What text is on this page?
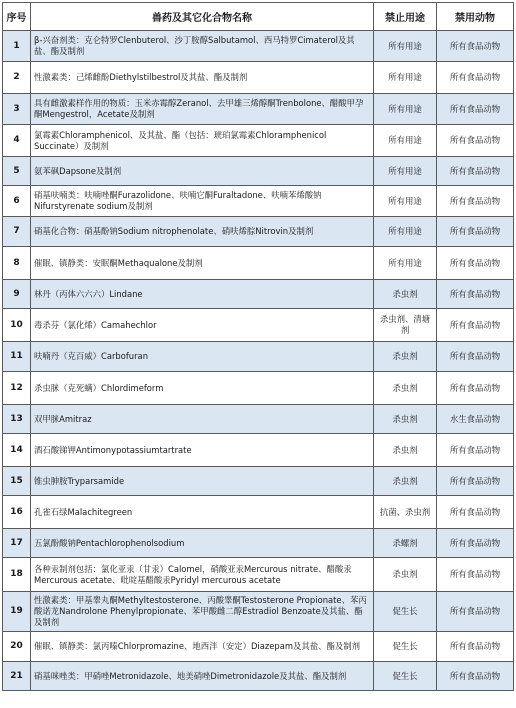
序号	兽药及其它化合物名称	禁止用途	禁用动物
1	β-兴奋剂类：克仑特罗Clenbuterol、沙丁胺醇Salbutamol、西马特罗Cimaterol及其盐、酯及制剂	所有用途	所有食品动物
2	性激素类：己烯雌酚Diethylstilbestrol及其盐、酯及制剂	所有用途	所有食品动物
3	具有雌激素样作用的物质：玉米赤霉醇Zeranol、去甲雄三烯醇酮Trenbolone、醋酸甲孕酮Mengestrol，Acetate及制剂	所有用途	所有食品动物
4	氯霉素Chloramphenicol、及其盐、酯（包括：琥珀氯霉素Chloramphenicol Succinate）及制剂	所有用途	所有食品动物
5	氨苯砜Dapsone及制剂	所有用途	所有食品动物
6	硝基呋喃类：呋喃唑酮Furazolidone、呋喃它酮Furaltadone、呋喃苯烯酸钠Nifurstyrenate sodium及制剂	所有用途	所有食品动物
7	硝基化合物：硝基酚钠Sodium nitrophenolate、硝呋烯腙Nitrovin及制剂	所有用途	所有食品动物
8	催眠、镇静类：安眠酮Methaqualone及制剂	所有用途	所有食品动物
9	林丹（丙体六六六）Lindane	杀虫剂	所有食品动物
10	毒杀芬（氯化烯）Camahechlor	杀虫剂、清塘剂	所有食品动物
11	呋喃丹（克百威）Carbofuran	杀虫剂	所有食品动物
12	杀虫脒（克死螨）Chlordimeform	杀虫剂	所有食品动物
13	双甲脒Amitraz	杀虫剂	水生食品动物
14	酒石酸锑钾Antimonypotassiumtartrate	杀虫剂	所有食品动物
15	锥虫胂胺Tryparsamide	杀虫剂	所有食品动物
16	孔雀石绿Malachitegreen	抗菌、杀虫剂	所有食品动物
17	五氯酚酸钠Pentachlorophenolsodium	杀螺剂	所有食品动物
18	各种汞制剂包括：氯化亚汞（甘汞）Calomel，硝酸亚汞Mercurous nitrate、醋酸汞Mercurous acetate、吡啶基醋酸汞Pyridyl mercurous acetate	杀虫剂	所有食品动物
19	性激素类：甲基睾丸酮Methyltestosterone、丙酸睾酮Testosterone Propionate、苯丙酸诺龙Nandrolone Phenylpropionate、苯甲酸雌二醇Estradiol Benzoate及其盐、酯及制剂	促生长	所有食品动物
20	催眠、镇静类：氯丙嗪Chlorpromazine、地西泮（安定）Diazepam及其盐、酯及制剂	促生长	所有食品动物
21	硝基咪唑类：甲硝唑Metronidazole、地美硝唑Dimetronidazole及其盐、酯及制剂	促生长	所有食品动物
